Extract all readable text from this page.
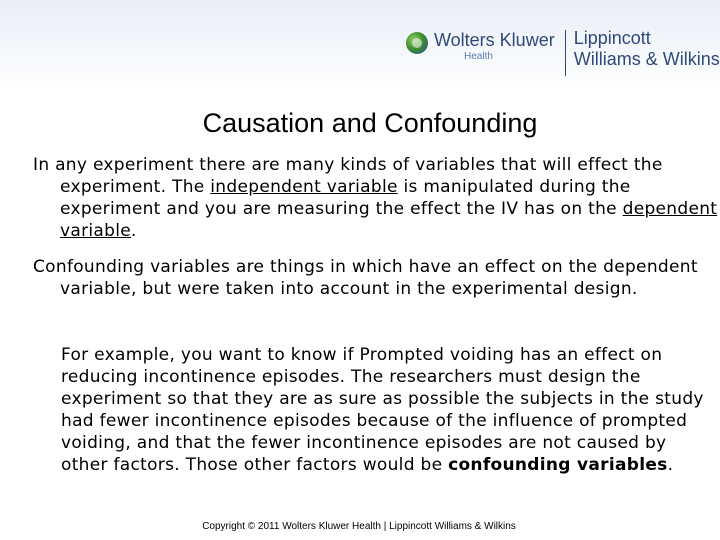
Wolters Kluwer
Health
Lippincott
Williams & Wilkins
Causation and Confounding
In any experiment there are many kinds of variables that will effect the experiment. The independent variable is manipulated during the experiment and you are measuring the effect the IV has on the dependent variable.
Confounding variables are things in which have an effect on the dependent variable, but were taken into account in the experimental design.
For example, you want to know if Prompted voiding has an effect on reducing incontinence episodes. The researchers must design the experiment so that they are as sure as possible the subjects in the study had fewer incontinence episodes because of the influence of prompted voiding, and that the fewer incontinence episodes are not caused by other factors. Those other factors would be confounding variables.
Copyright © 2011 Wolters Kluwer Health | Lippincott Williams & Wilkins
